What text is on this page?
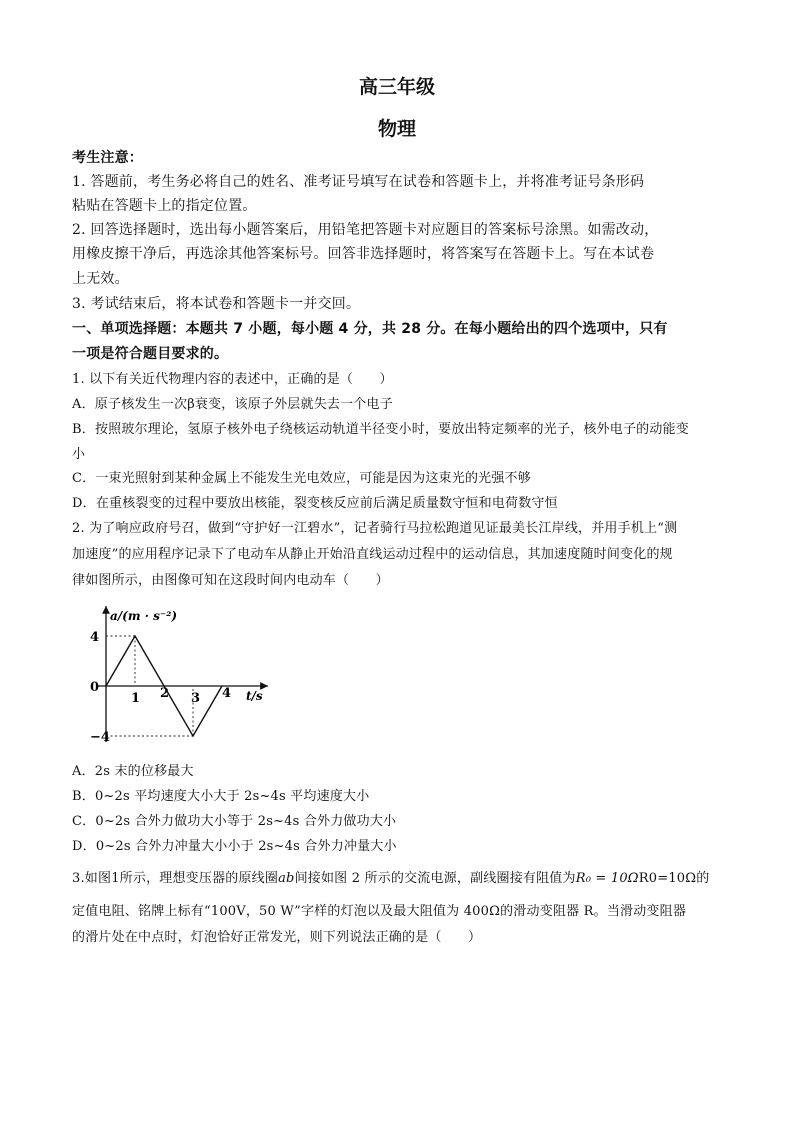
高三年级
物理
考生注意：
1. 答题前，考生务必将自己的姓名、准考证号填写在试卷和答题卡上，并将准考证号条形码
粘贴在答题卡上的指定位置。
2. 回答选择题时，选出每小题答案后，用铅笔把答题卡对应题目的答案标号涂黑。如需改动，
用橡皮擦干净后，再选涂其他答案标号。回答非选择题时，将答案写在答题卡上。写在本试卷
上无效。
3. 考试结束后，将本试卷和答题卡一并交回。
一、单项选择题：本题共 7 小题，每小题 4 分，共 28 分。在每小题给出的四个选项中，只有
一项是符合题目要求的。
1. 以下有关近代物理内容的表述中，正确的是（　　）
A．原子核发生一次β衰变，该原子外层就失去一个电子
B．按照玻尔理论，氢原子核外电子绕核运动轨道半径变小时，要放出特定频率的光子，核外电子的动能变
小
C．一束光照射到某种金属上不能发生光电效应，可能是因为这束光的光强不够
D．在重核裂变的过程中要放出核能，裂变核反应前后满足质量数守恒和电荷数守恒
2. 为了响应政府号召，做到“守护好一江碧水”，记者骑行马拉松跑道见证最美长江岸线，并用手机上“测
加速度”的应用程序记录下了电动车从静止开始沿直线运动过程中的运动信息，其加速度随时间变化的规
律如图所示，由图像可知在这段时间内电动车（　　）
4
0
−4
1 2 3 4
a/(m · s⁻²)
t/s
A．2s 末的位移最大
B．0~2s 平均速度大小大于 2s~4s 平均速度大小
C．0~2s 合外力做功大小等于 2s~4s 合外力做功大小
D．0~2s 合外力冲量大小小于 2s~4s 合外力冲量大小
3.如图1所示，理想变压器的原线圈ab间接如图 2 所示的交流电源，副线圈接有阻值为R₀ = 10ΩR0=10Ω的
定值电阻、铭牌上标有“100V，50 W”字样的灯泡以及最大阻值为 400Ω的滑动变阻器 R。当滑动变阻器
的滑片处在中点时，灯泡恰好正常发光，则下列说法正确的是（　　）
